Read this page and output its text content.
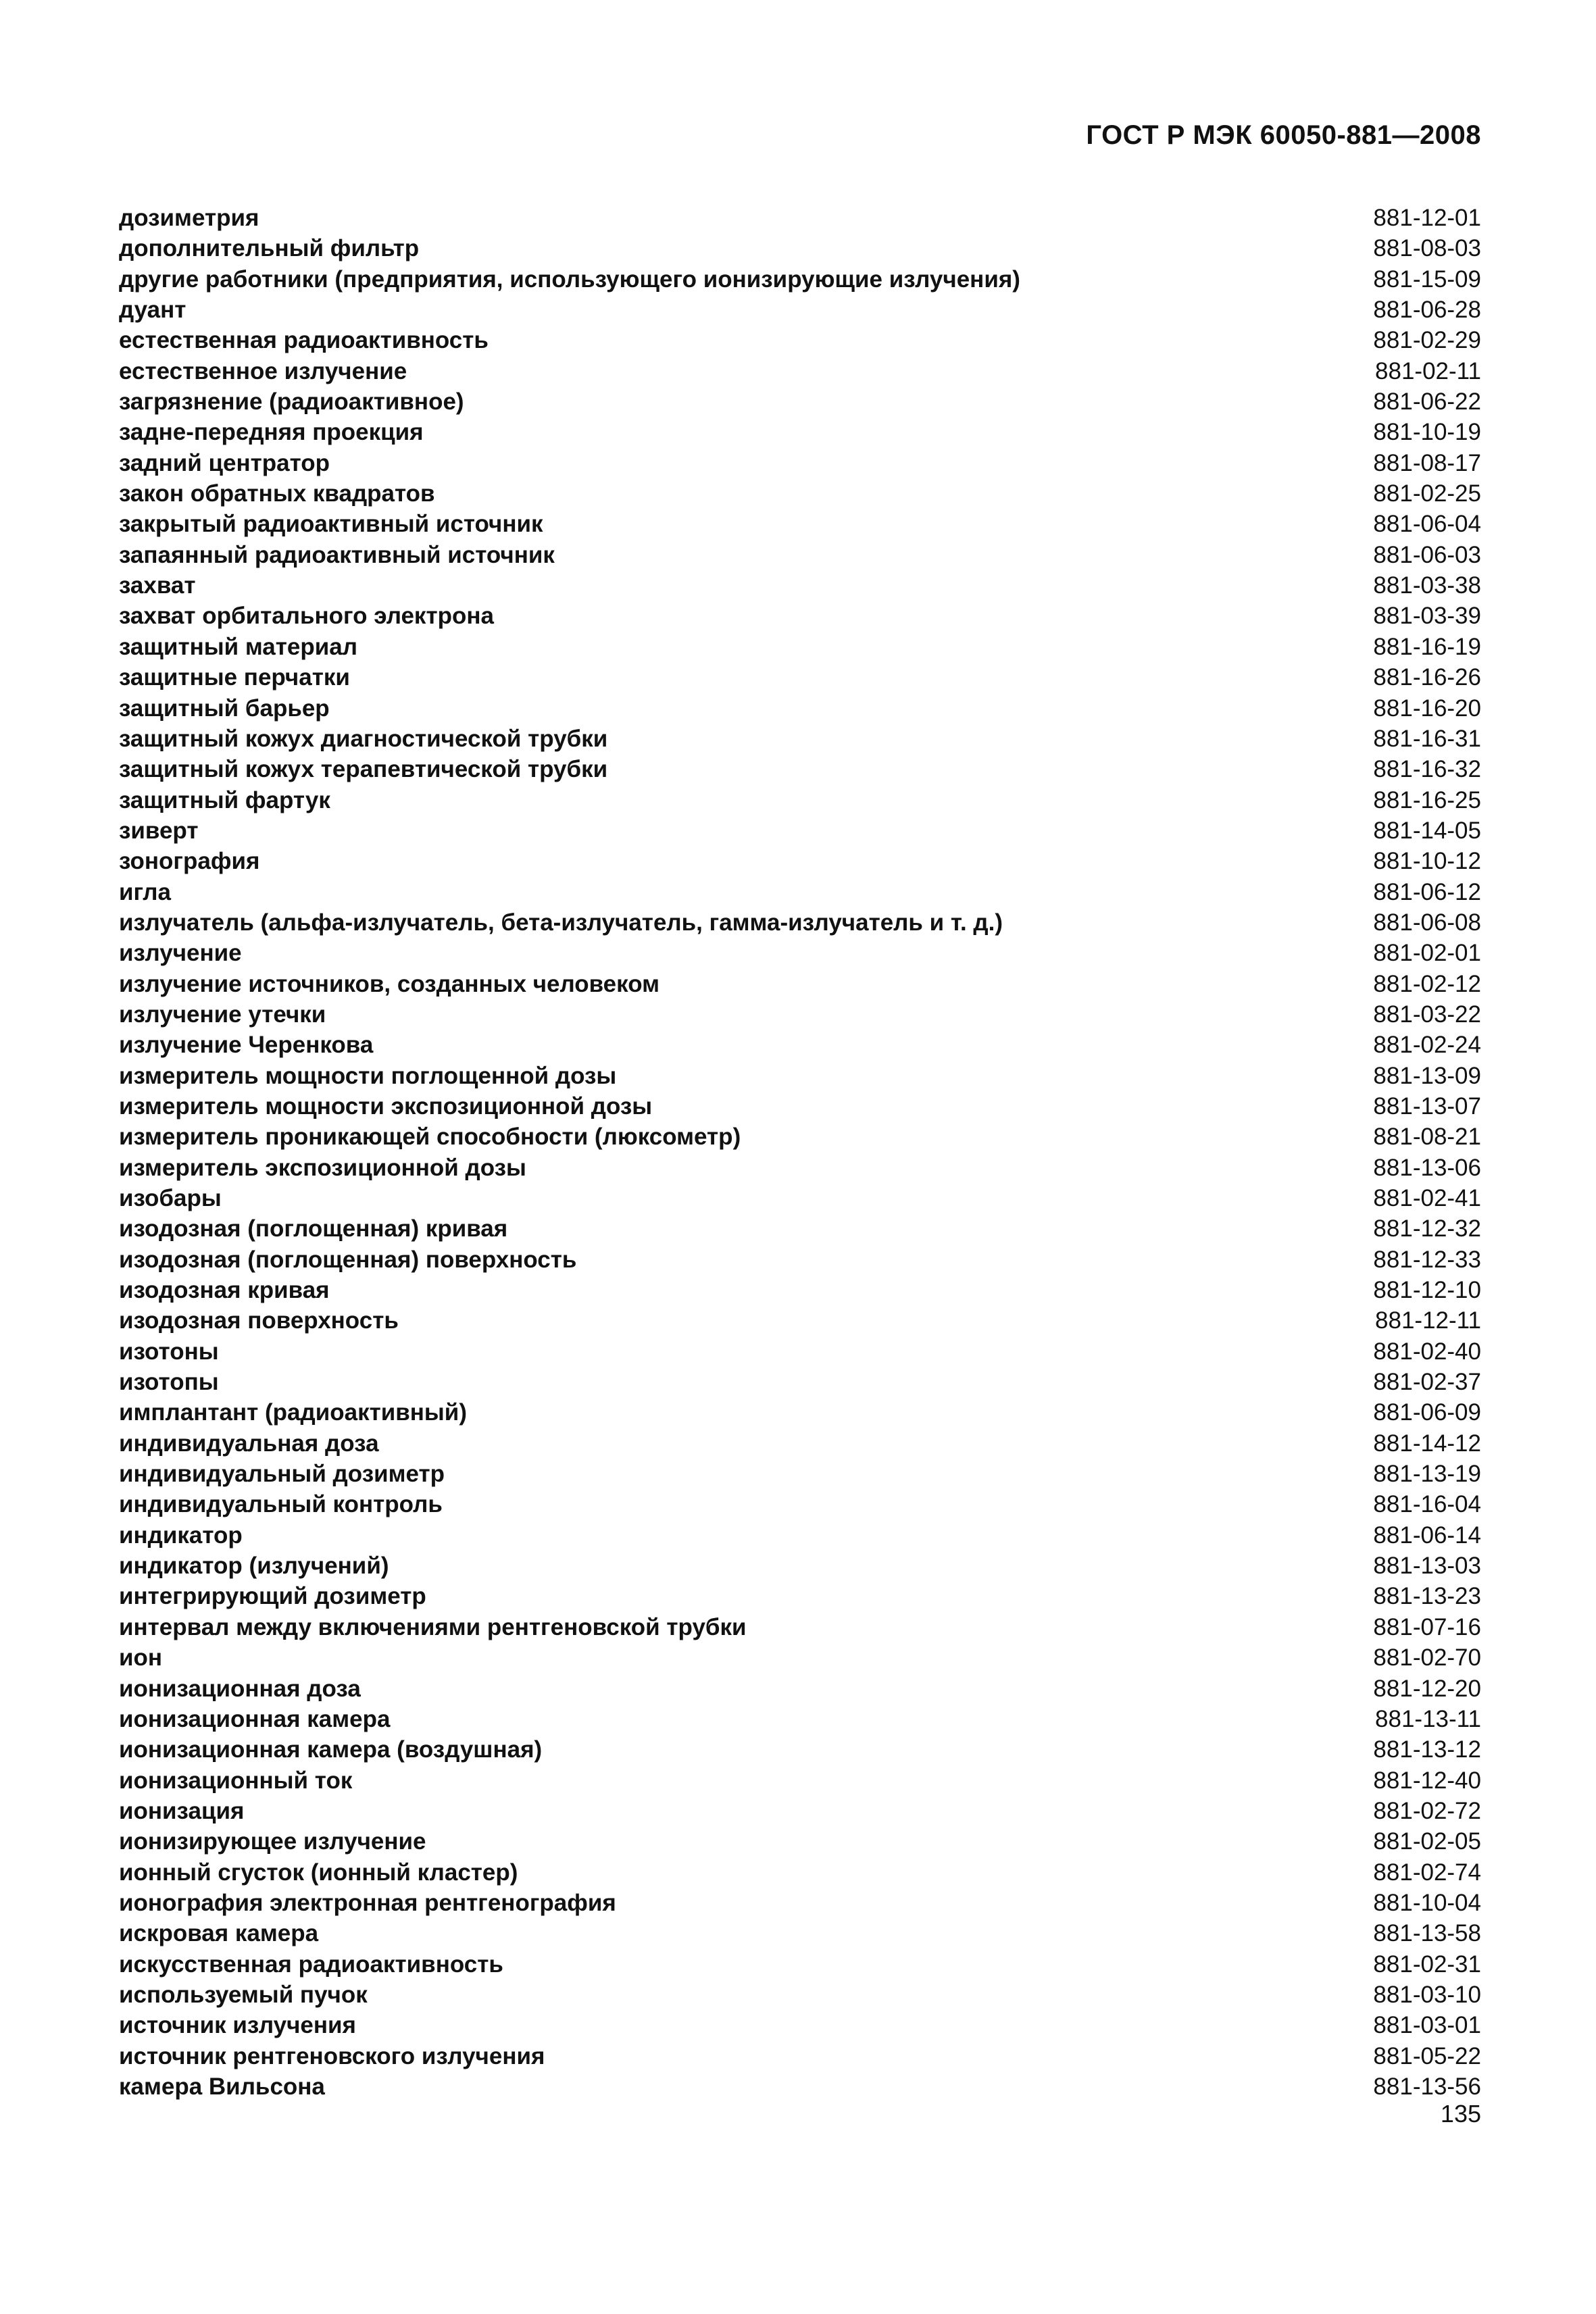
ГОСТ Р МЭК 60050-881—2008
дозиметрия	881-12-01
дополнительный фильтр	881-08-03
другие работники (предприятия, использующего ионизирующие излучения)	881-15-09
дуант	881-06-28
естественная радиоактивность	881-02-29
естественное излучение	881-02-11
загрязнение (радиоактивное)	881-06-22
задне-передняя проекция	881-10-19
задний центратор	881-08-17
закон обратных квадратов	881-02-25
закрытый радиоактивный источник	881-06-04
запаянный радиоактивный источник	881-06-03
захват	881-03-38
захват орбитального электрона	881-03-39
защитный материал	881-16-19
защитные перчатки	881-16-26
защитный барьер	881-16-20
защитный кожух диагностической трубки	881-16-31
защитный кожух терапевтической трубки	881-16-32
защитный фартук	881-16-25
зиверт	881-14-05
зонография	881-10-12
игла	881-06-12
излучатель (альфа-излучатель, бета-излучатель, гамма-излучатель и т. д.)	881-06-08
излучение	881-02-01
излучение источников, созданных человеком	881-02-12
излучение утечки	881-03-22
излучение Черенкова	881-02-24
измеритель мощности поглощенной дозы	881-13-09
измеритель мощности экспозиционной дозы	881-13-07
измеритель проникающей способности (люксометр)	881-08-21
измеритель экспозиционной дозы	881-13-06
изобары	881-02-41
изодозная (поглощенная) кривая	881-12-32
изодозная (поглощенная) поверхность	881-12-33
изодозная кривая	881-12-10
изодозная поверхность	881-12-11
изотоны	881-02-40
изотопы	881-02-37
имплантант (радиоактивный)	881-06-09
индивидуальная доза	881-14-12
индивидуальный дозиметр	881-13-19
индивидуальный контроль	881-16-04
индикатор	881-06-14
индикатор (излучений)	881-13-03
интегрирующий дозиметр	881-13-23
интервал между включениями рентгеновской трубки	881-07-16
ион	881-02-70
ионизационная доза	881-12-20
ионизационная камера	881-13-11
ионизационная камера (воздушная)	881-13-12
ионизационный ток	881-12-40
ионизация	881-02-72
ионизирующее излучение	881-02-05
ионный сгусток (ионный кластер)	881-02-74
ионография электронная рентгенография	881-10-04
искровая камера	881-13-58
искусственная радиоактивность	881-02-31
используемый пучок	881-03-10
источник излучения	881-03-01
источник рентгеновского излучения	881-05-22
камера Вильсона	881-13-56
135
